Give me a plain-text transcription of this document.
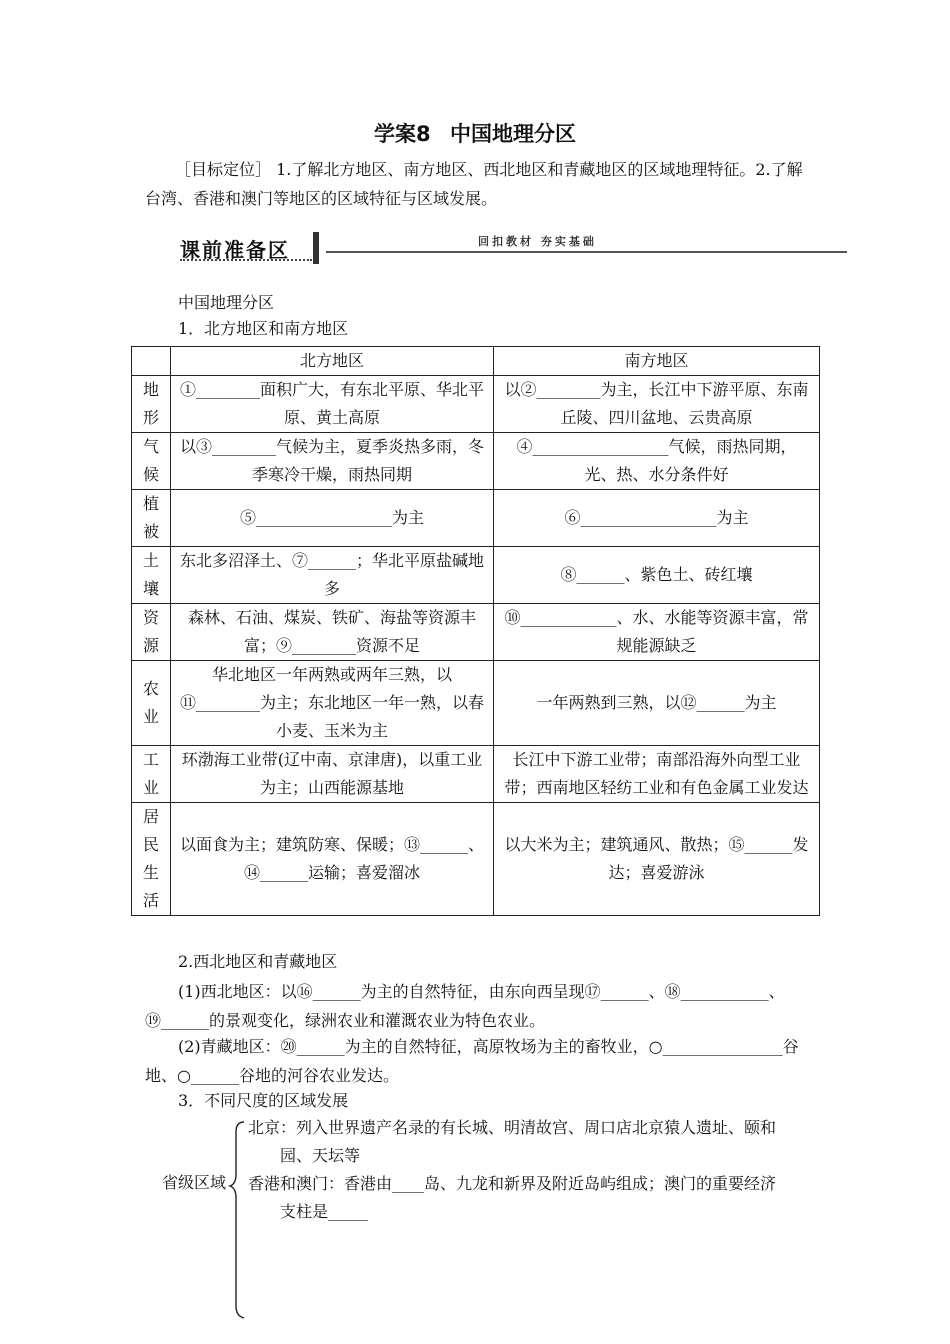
学案8 中国地理分区
［目标定位］ 1.了解北方地区、南方地区、西北地区和青藏地区的区域地理特征。2.了解台湾、香港和澳门等地区的区域特征与区域发展。
课前准备区	回扣教材 夯实基础
中国地理分区
1．北方地区和南方地区
	北方地区	南方地区

地形	①________面积广大，有东北平原、华北平原、黄土高原	以②________为主，长江中下游平原、东南丘陵、四川盆地、云贵高原

气候	以③________气候为主，夏季炎热多雨，冬季寒冷干燥，雨热同期	④_________________气候，雨热同期，光、热、水分条件好

植被	⑤_________________为主	⑥_________________为主

土壤	东北多沼泽土、⑦______；华北平原盐碱地多	⑧______、紫色土、砖红壤

资源	森林、石油、煤炭、铁矿、海盐等资源丰富；⑨________资源不足	⑩____________、水、水能等资源丰富，常规能源缺乏

农业	华北地区一年两熟或两年三熟，以⑪________为主；东北地区一年一熟，以春小麦、玉米为主	一年两熟到三熟，以⑫______为主

工业	环渤海工业带(辽中南、京津唐)，以重工业为主；山西能源基地	长江中下游工业带；南部沿海外向型工业带；西南地区轻纺工业和有色金属工业发达

居民生活	以面食为主；建筑防寒、保暖；⑬______、⑭______运输；喜爱溜冰	以大米为主；建筑通风、散热；⑮______发达；喜爱游泳
2.西北地区和青藏地区
(1)西北地区：以⑯______为主的自然特征，由东向西呈现⑰______、⑱___________、⑲______的景观变化，绿洲农业和灌溉农业为特色农业。
(2)青藏地区：⑳______为主的自然特征，高原牧场为主的畜牧业，○_______________谷地、○______谷地的河谷农业发达。
3．不同尺度的区域发展
省级区域
北京：列入世界遗产名录的有长城、明清故宫、周口店北京猿人遗址、颐和
园、天坛等
香港和澳门：香港由____岛、九龙和新界及附近岛屿组成；澳门的重要经济
支柱是_____
